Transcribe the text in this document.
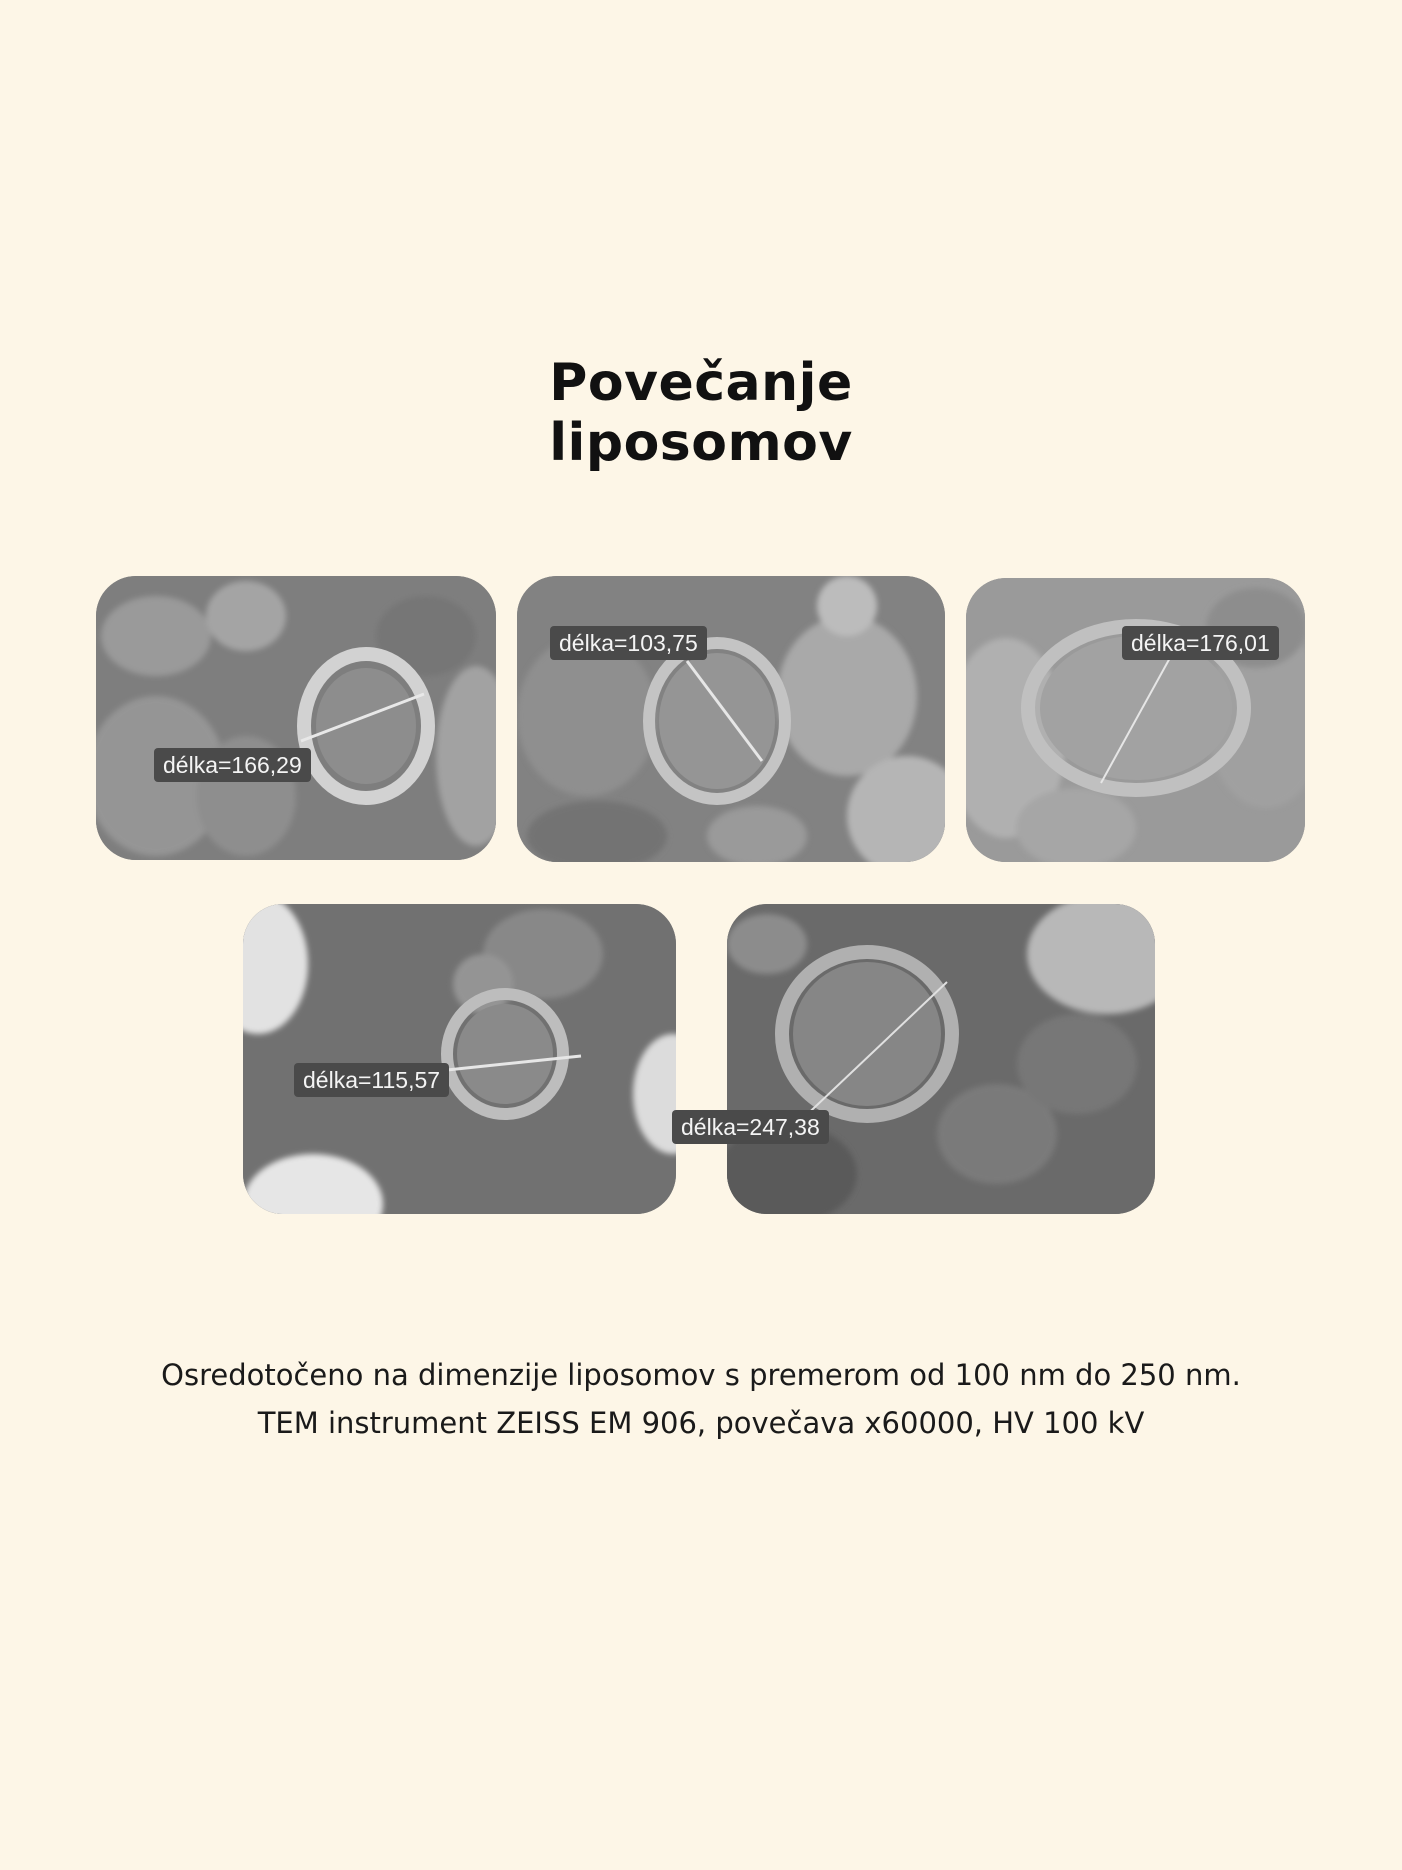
Povečanje
liposomov
délka=166,29
délka=103,75	délka=176,01
délka=115,57
délka=247,38

Osredotočeno na dimenzije liposomov s premerom od 100 nm do 250 nm.
TEM instrument ZEISS EM 906, povečava x60000, HV 100 kV
